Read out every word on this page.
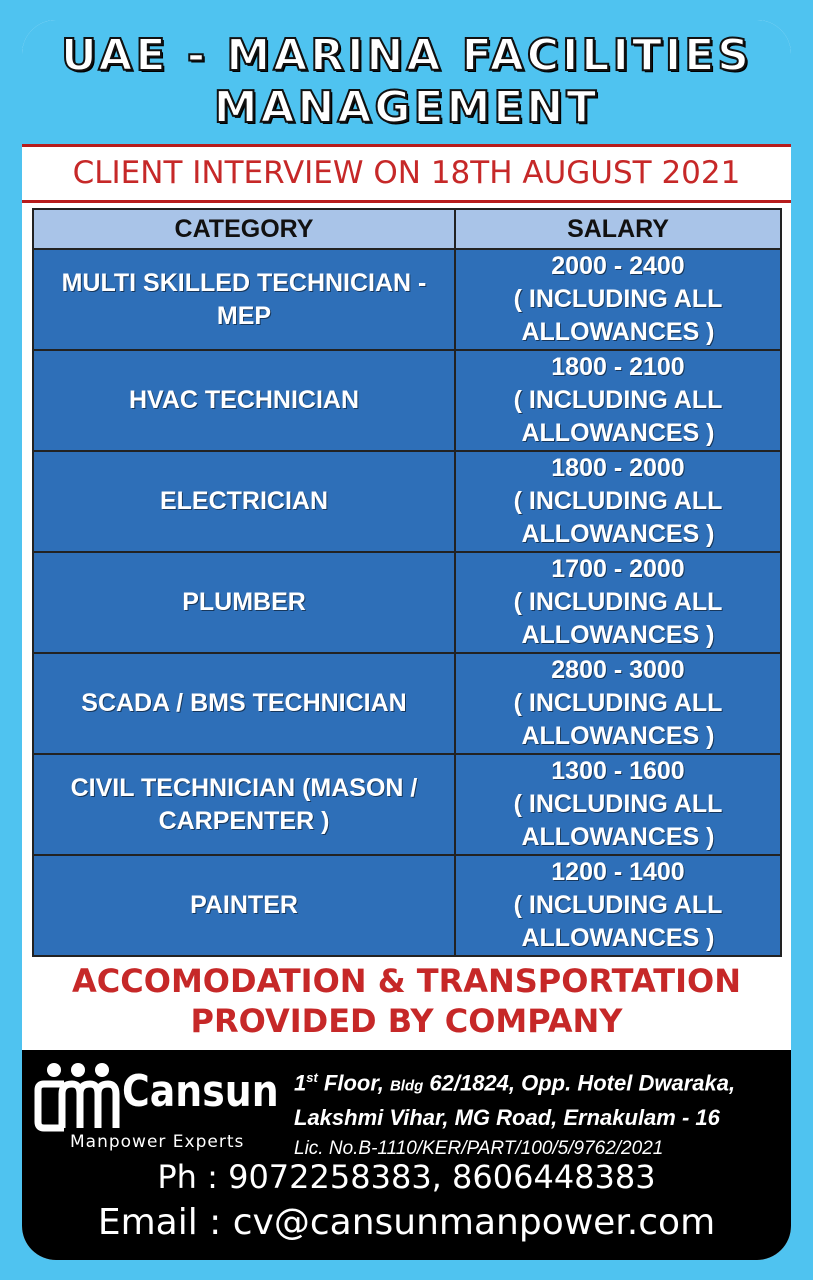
UAE - MARINA FACILITIES
MANAGEMENT
CLIENT INTERVIEW ON 18TH AUGUST 2021
CATEGORY	SALARY
MULTI SKILLED TECHNICIAN - MEP	2000 - 2400
( INCLUDING ALL ALLOWANCES )

HVAC TECHNICIAN	1800 - 2100
( INCLUDING ALL ALLOWANCES )

ELECTRICIAN	1800 - 2000
( INCLUDING ALL ALLOWANCES )

PLUMBER	1700 - 2000
( INCLUDING ALL ALLOWANCES )

SCADA / BMS TECHNICIAN	2800 - 3000
( INCLUDING ALL ALLOWANCES )

CIVIL TECHNICIAN (MASON / CARPENTER )	1300 - 1600
( INCLUDING ALL ALLOWANCES )

PAINTER	1200 - 1400
( INCLUDING ALL ALLOWANCES )
ACCOMODATION & TRANSPORTATION
PROVIDED BY COMPANY
Cansun
Manpower Experts
1st Floor, Bldg 62/1824, Opp. Hotel Dwaraka,
Lakshmi Vihar, MG Road, Ernakulam - 16
Lic. No.B-1110/KER/PART/100/5/9762/2021
Ph : 9072258383, 8606448383
Email : cv@cansunmanpower.com
